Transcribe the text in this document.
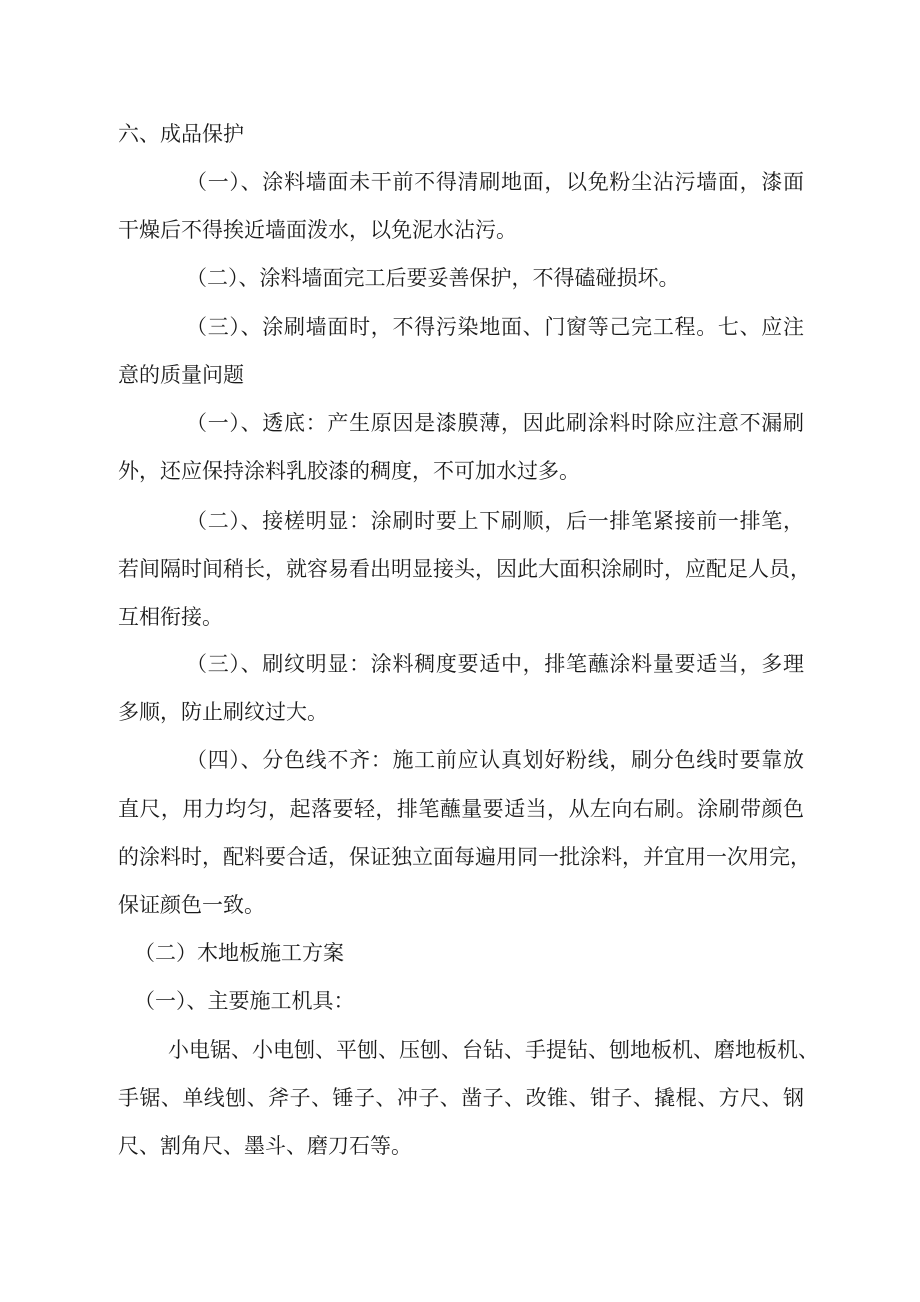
六、成品保护
（一）、涂料墙面未干前不得清刷地面，以免粉尘沾污墙面，漆面
干燥后不得挨近墙面泼水，以免泥水沾污。
（二）、涂料墙面完工后要妥善保护，不得磕碰损坏。
（三）、涂刷墙面时，不得污染地面、门窗等己完工程。七、应注
意的质量问题
（一）、透底：产生原因是漆膜薄，因此刷涂料时除应注意不漏刷
外，还应保持涂料乳胶漆的稠度，不可加水过多。
（二）、接槎明显：涂刷时要上下刷顺，后一排笔紧接前一排笔，
若间隔时间稍长，就容易看出明显接头，因此大面积涂刷时，应配足人员，
互相衔接。
（三）、刷纹明显：涂料稠度要适中，排笔蘸涂料量要适当，多理
多顺，防止刷纹过大。
（四）、分色线不齐：施工前应认真划好粉线，刷分色线时要靠放
直尺，用力均匀，起落要轻，排笔蘸量要适当，从左向右刷。涂刷带颜色
的涂料时，配料要合适，保证独立面每遍用同一批涂料，并宜用一次用完，
保证颜色一致。
（二）木地板施工方案
（一）、主要施工机具：
小电锯、小电刨、平刨、压刨、台钻、手提钻、刨地板机、磨地板机、
手锯、单线刨、斧子、锤子、冲子、凿子、改锥、钳子、撬棍、方尺、钢
尺、割角尺、墨斗、磨刀石等。
